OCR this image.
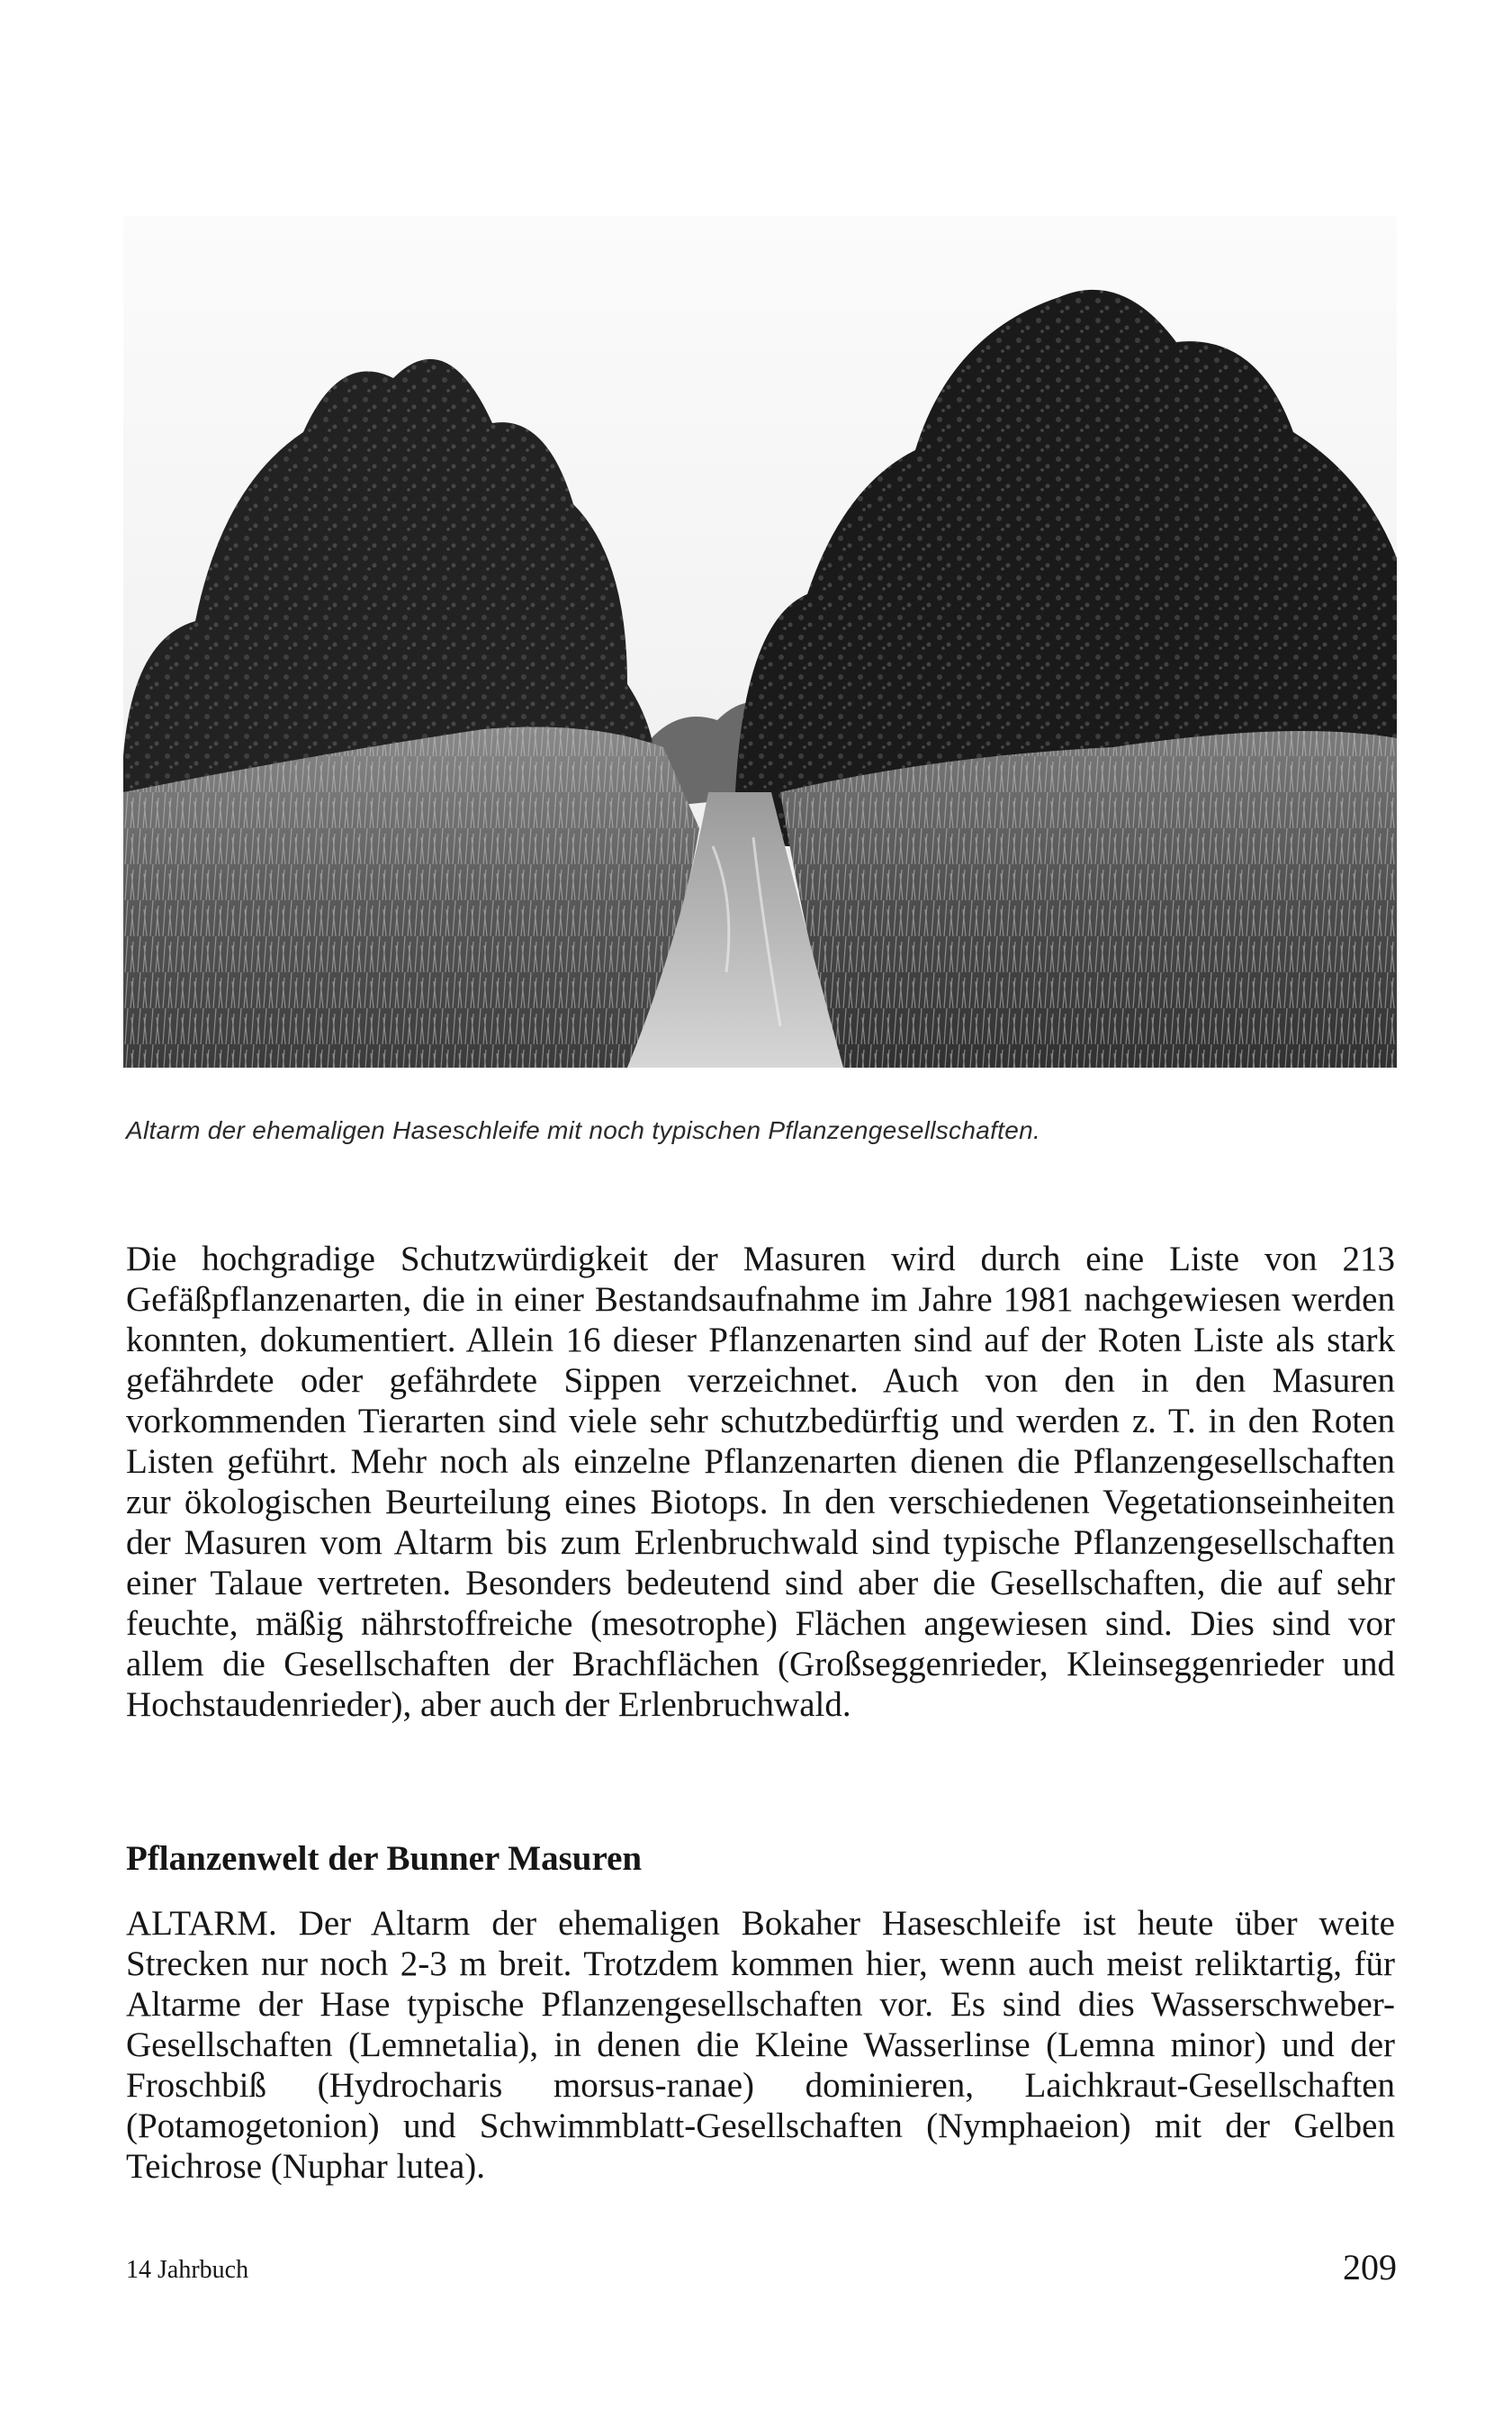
Altarm der ehemaligen Haseschleife mit noch typischen Pflanzengesellschaften.

Die hochgradige Schutzwürdigkeit der Masuren wird durch eine Liste von 213 Gefäßpflanzenarten, die in einer Bestandsaufnahme im Jahre 1981 nachgewiesen werden konnten, dokumentiert. Allein 16 dieser Pflanzenarten sind auf der Roten Liste als stark gefährdete oder gefährdete Sippen verzeichnet. Auch von den in den Masuren vorkommenden Tierarten sind viele sehr schutzbedürftig und werden z. T. in den Roten Listen geführt. Mehr noch als einzelne Pflanzenarten dienen die Pflanzengesellschaften zur ökologischen Beurteilung eines Biotops. In den verschiedenen Vegetationseinheiten der Masuren vom Altarm bis zum Erlenbruchwald sind typische Pflanzengesellschaften einer Talaue vertreten. Besonders bedeutend sind aber die Gesellschaften, die auf sehr feuchte, mäßig nährstoffreiche (mesotrophe) Flächen angewiesen sind. Dies sind vor allem die Gesellschaften der Brachflächen (Großseggenrieder, Kleinseggenrieder und Hochstaudenrieder), aber auch der Erlenbruchwald.

Pflanzenwelt der Bunner Masuren

ALTARM. Der Altarm der ehemaligen Bokaher Haseschleife ist heute über weite Strecken nur noch 2-3 m breit. Trotzdem kommen hier, wenn auch meist reliktartig, für Altarme der Hase typische Pflanzengesellschaften vor. Es sind dies Wasserschweber-Gesellschaften (Lemnetalia), in denen die Kleine Wasserlinse (Lemna minor) und der Froschbiß (Hydrocharis morsus-ranae) dominieren, Laichkraut-Gesellschaften (Potamogetonion) und Schwimmblatt-Gesellschaften (Nymphaeion) mit der Gelben Teichrose (Nuphar lutea).

14 Jahrbuch	209
